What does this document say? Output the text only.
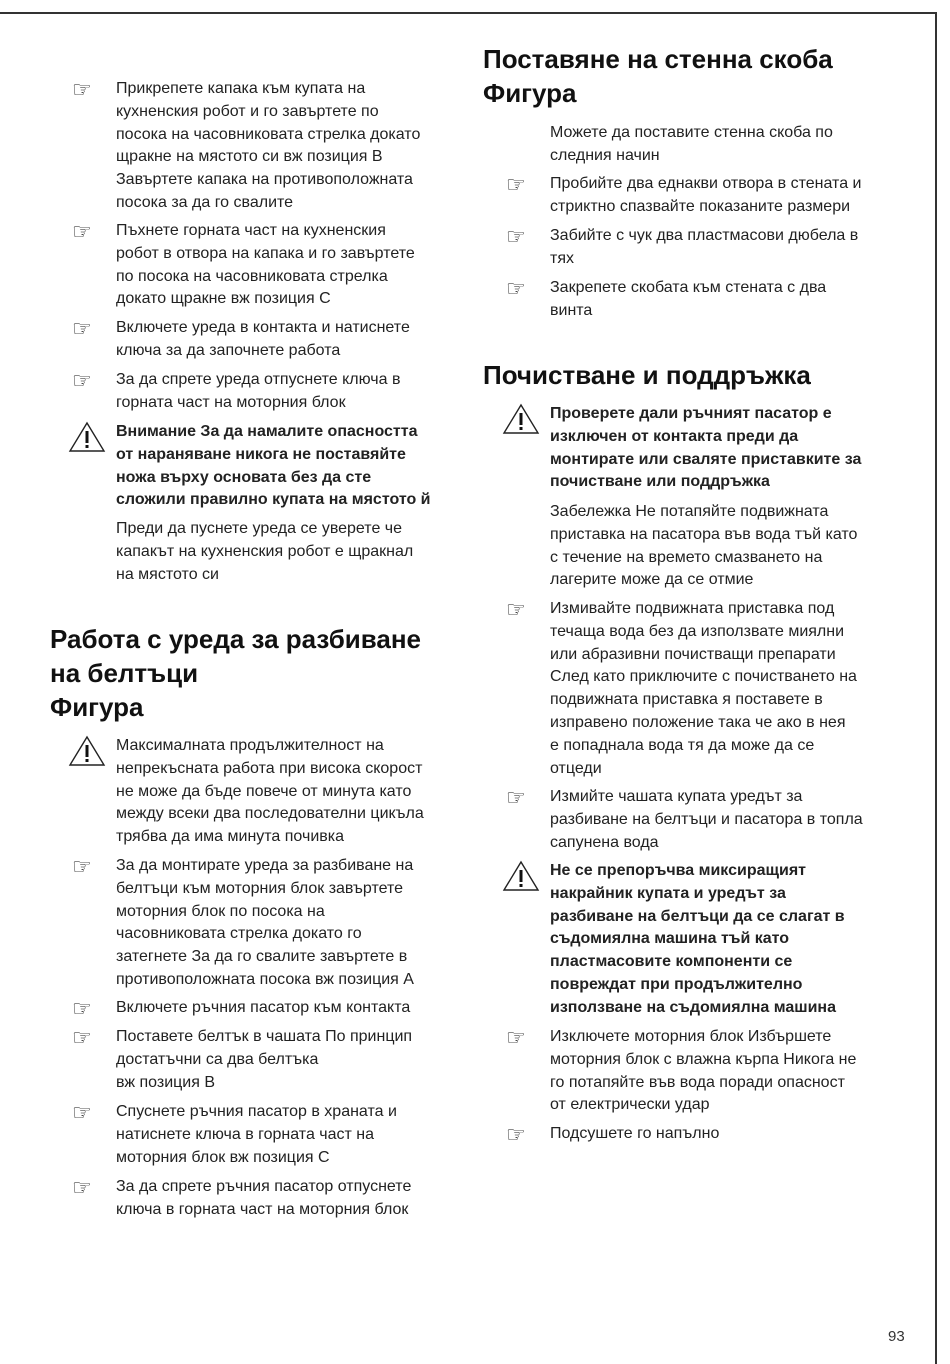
☞ Прикрепете капака към купата на
кухненския робот и го завъртете по
посока на часовниковата стрелка докато
щракне на мястото си вж позиция B
Завъртете капака на противоположната
посока за да го свалите
☞ Пъхнете горната част на кухненския
робот в отвора на капака и го завъртете
по посока на часовниковата стрелка
докато щракне вж позиция C
☞ Включете уреда в контакта и натиснете
ключа за да започнете работа
☞ За да спрете уреда отпуснете ключа в
горната част на моторния блок
Внимание За да намалите опасността
от нараняване никога не поставяйте
ножа върху основата без да сте
сложили правилно купата на мястото й
Преди да пуснете уреда се уверете че
капакът на кухненския робот е щракнал
на мястото си
Работа с уреда за разбиване
на белтъци
Фигура
Максималната продължителност на
непрекъсната работа при висока скорост
не може да бъде повече от минута като
между всеки два последователни цикъла
трябва да има минута почивка
☞ За да монтирате уреда за разбиване на
белтъци към моторния блок завъртете
моторния блок по посока на
часовниковата стрелка докато го
затегнете За да го свалите завъртете в
противоположната посока вж позиция A
☞ Включете ръчния пасатор към контакта
☞ Поставете белтък в чашата По принцип
достатъчни са два белтъка
вж позиция B
☞ Спуснете ръчния пасатор в храната и
натиснете ключа в горната част на
моторния блок вж позиция C
☞ За да спрете ръчния пасатор отпуснете
ключа в горната част на моторния блок
Поставяне на стенна скоба
Фигура
Можете да поставите стенна скоба по
следния начин
☞ Пробийте два еднакви отвора в стената и
стриктно спазвайте показаните размери
☞ Забийте с чук два пластмасови дюбела в
тях
☞ Закрепете скобата към стената с два
винта
Почистване и поддръжка
Проверете дали ръчният пасатор е
изключен от контакта преди да
монтирате или сваляте приставките за
почистване или поддръжка
Забележка Не потапяйте подвижната
приставка на пасатора във вода тъй като
с течение на времето смазването на
лагерите може да се отмие
☞ Измивайте подвижната приставка под
течаща вода без да използвате миялни
или абразивни почистващи препарати
След като приключите с почистването на
подвижната приставка я поставете в
изправено положение така че ако в нея
е попаднала вода тя да може да се
отцеди
☞ Измийте чашата купата уредът за
разбиване на белтъци и пасатора в топла
сапунена вода
Не се препоръчва миксиращият
накрайник купата и уредът за
разбиване на белтъци да се слагат в
съдомиялна машина тъй като
пластмасовите компоненти се
повреждат при продължително
използване на съдомиялна машина
☞ Изключете моторния блок Избършете
моторния блок с влажна кърпа Никога не
го потапяйте във вода поради опасност
от електрически удар
☞ Подсушете го напълно
93
